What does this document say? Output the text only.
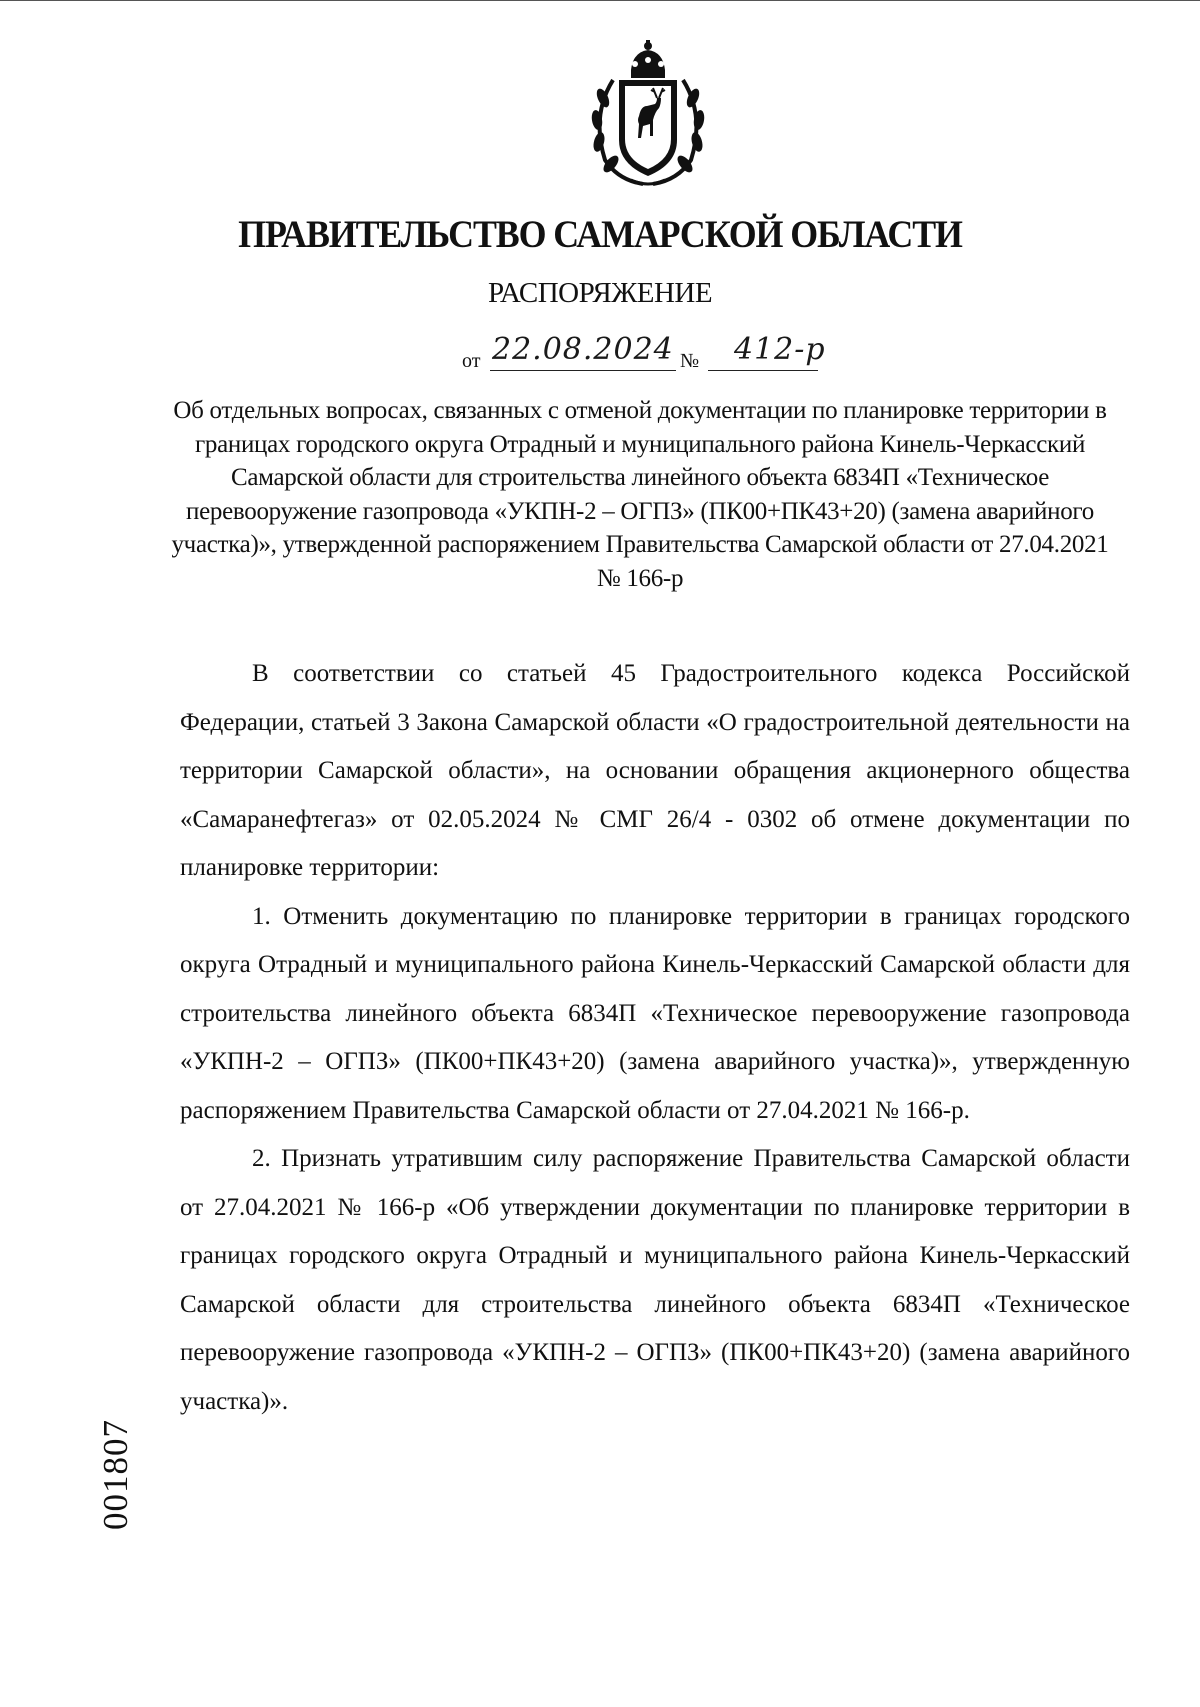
ПРАВИТЕЛЬСТВО САМАРСКОЙ ОБЛАСТИ
РАСПОРЯЖЕНИЕ
от 22.08.2024 № 412-р
Об отдельных вопросах, связанных с отменой документации по планировке территории в границах городского округа Отрадный и муниципального района Кинель-Черкасский Самарской области для строительства линейного объекта 6834П «Техническое перевооружение газопровода «УКПН-2 – ОГПЗ» (ПК00+ПК43+20) (замена аварийного участка)», утвержденной распоряжением Правительства Самарской области от 27.04.2021 № 166-р

В соответствии со статьей 45 Градостроительного кодекса Российской Федерации, статьей 3 Закона Самарской области «О градостроительной деятельности на территории Самарской области», на основании обращения акционерного общества «Самаранефтегаз» от 02.05.2024 № СМГ 26/4 - 0302 об отмене документации по планировке территории:

1. Отменить документацию по планировке территории в границах городского округа Отрадный и муниципального района Кинель-Черкасский Самарской области для строительства линейного объекта 6834П «Техническое перевооружение газопровода «УКПН-2 – ОГПЗ» (ПК00+ПК43+20) (замена аварийного участка)», утвержденную распоряжением Правительства Самарской области от 27.04.2021 № 166-р.

2. Признать утратившим силу распоряжение Правительства Самарской области от 27.04.2021 № 166-р «Об утверждении документации по планировке территории в границах городского округа Отрадный и муниципального района Кинель-Черкасский Самарской области для строительства линейного объекта 6834П «Техническое перевооружение газопровода «УКПН-2 – ОГПЗ» (ПК00+ПК43+20) (замена аварийного участка)».

001807
